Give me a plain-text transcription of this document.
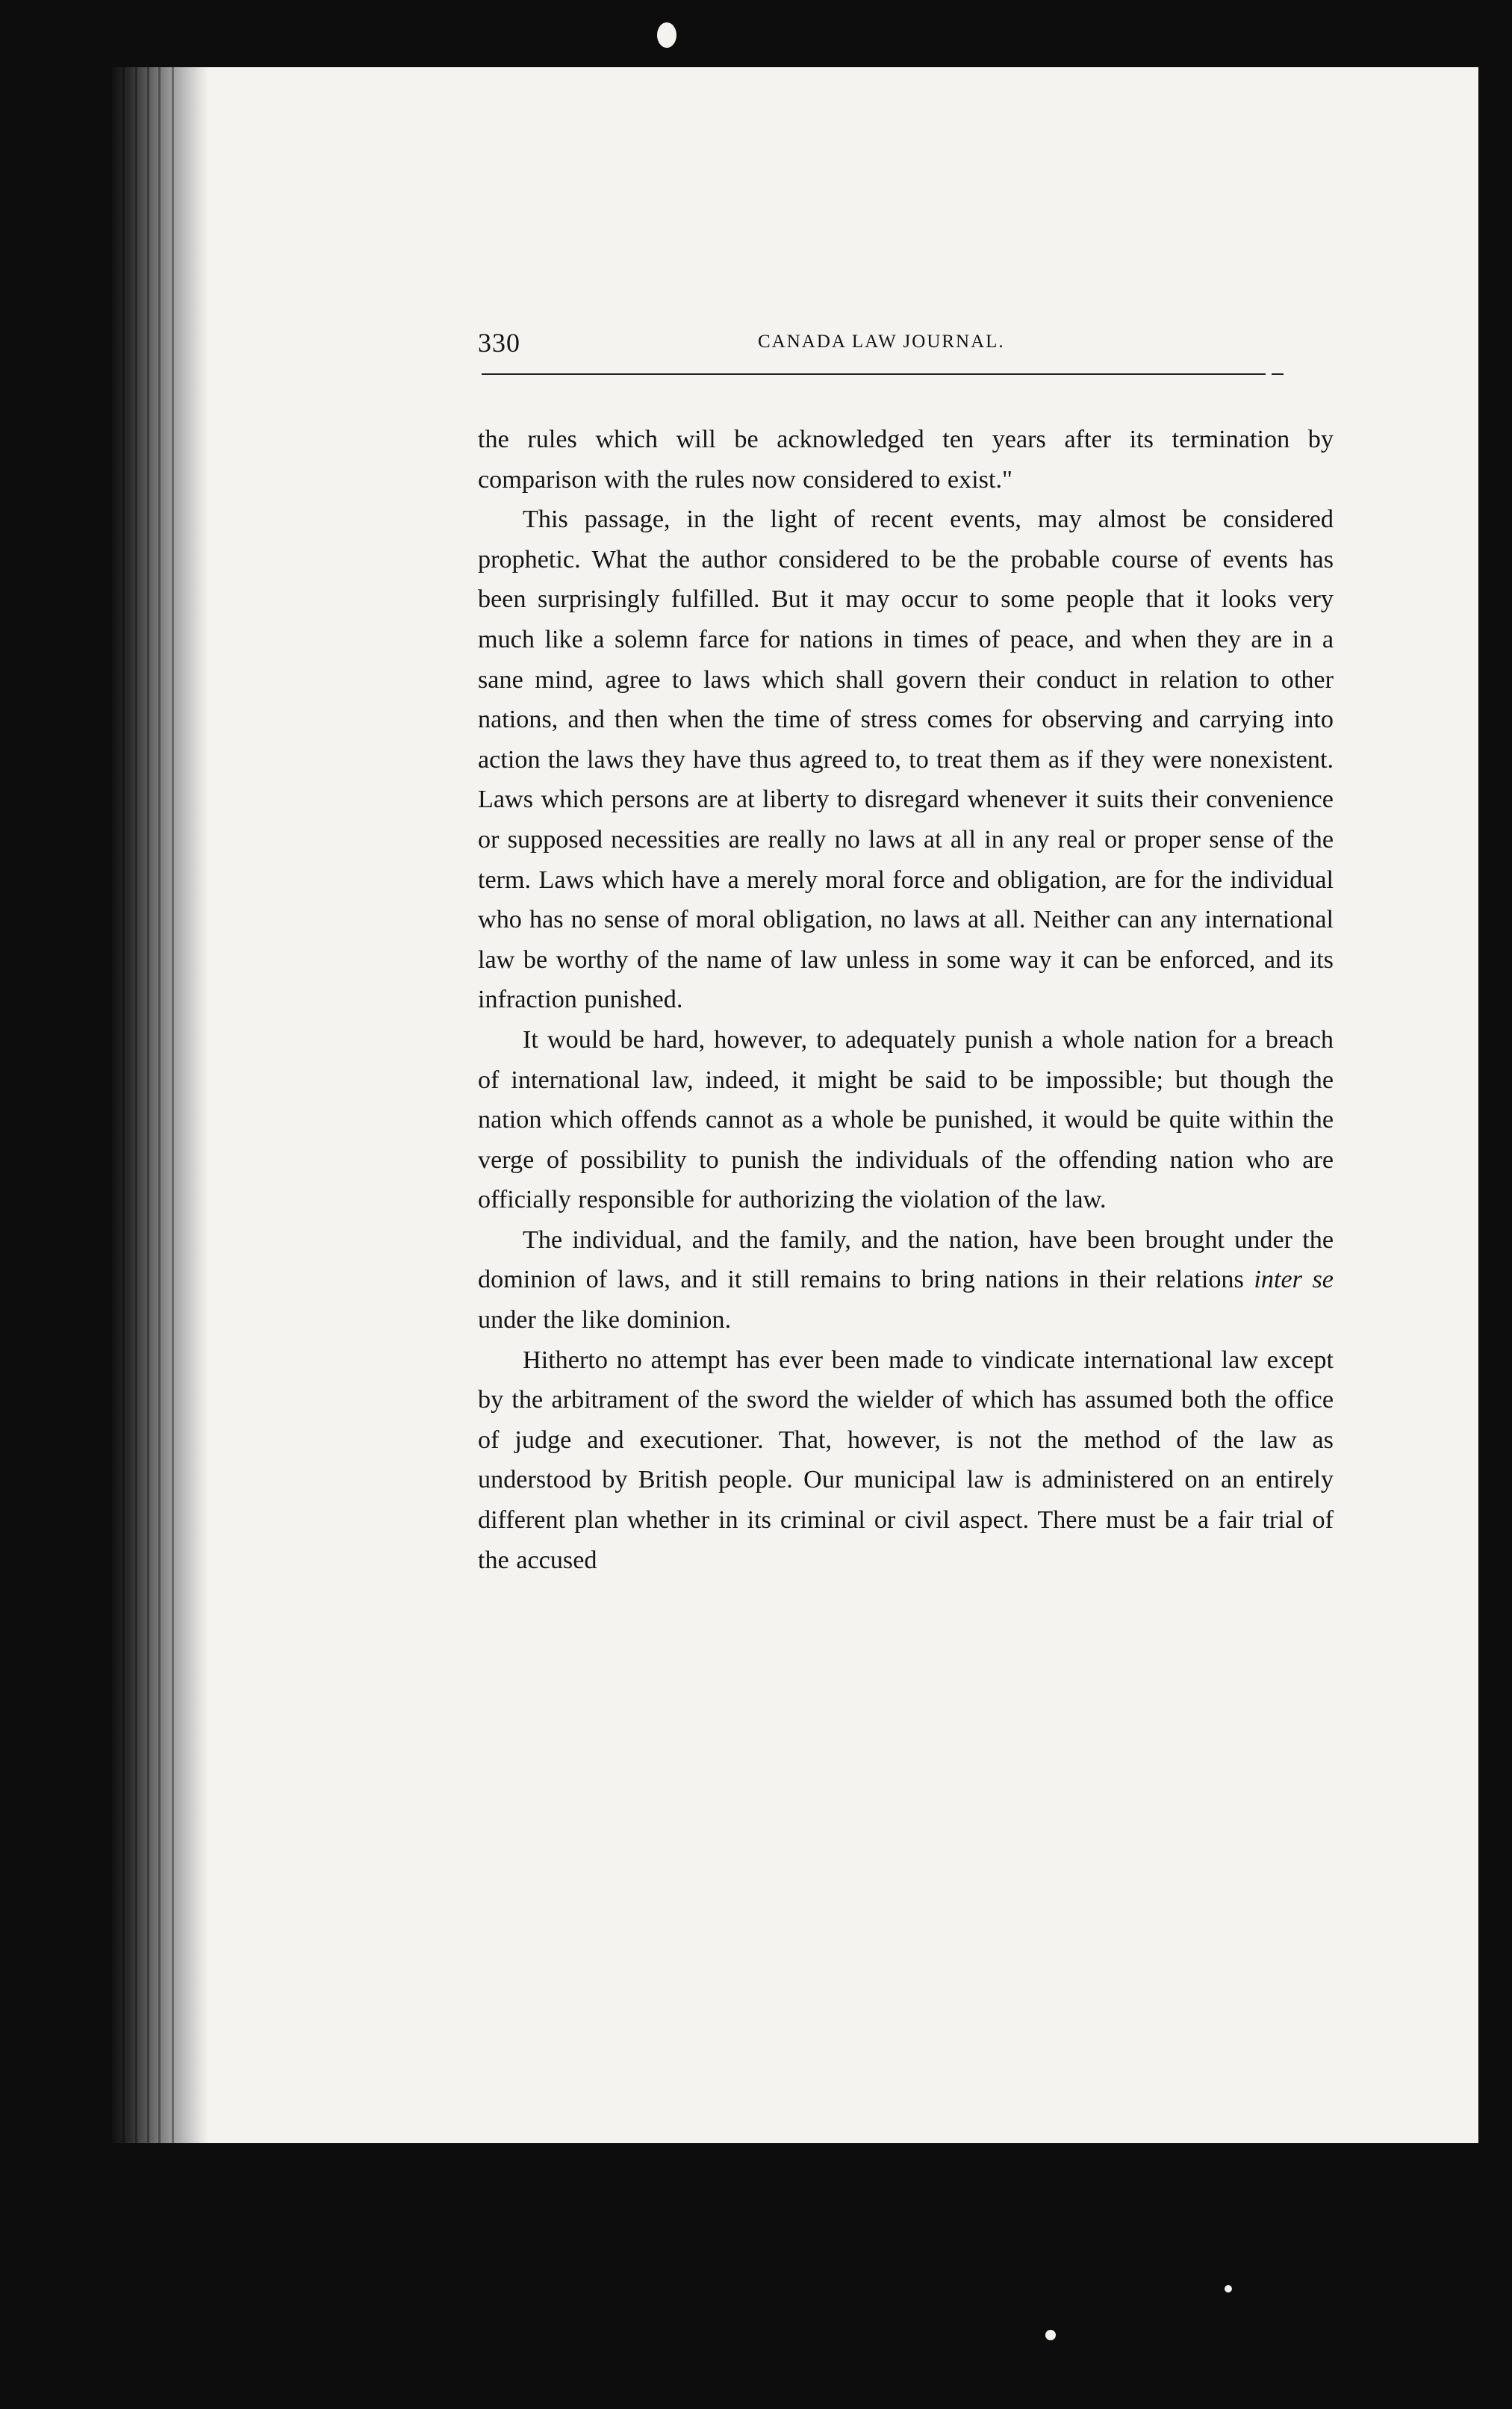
330	CANADA LAW JOURNAL.

the rules which will be acknowledged ten years after its termination by comparison with the rules now considered to exist."

This passage, in the light of recent events, may almost be considered prophetic. What the author considered to be the probable course of events has been surprisingly fulfilled. But it may occur to some people that it looks very much like a solemn farce for nations in times of peace, and when they are in a sane mind, agree to laws which shall govern their conduct in relation to other nations, and then when the time of stress comes for observing and carrying into action the laws they have thus agreed to, to treat them as if they were nonexistent. Laws which persons are at liberty to disregard whenever it suits their convenience or supposed necessities are really no laws at all in any real or proper sense of the term. Laws which have a merely moral force and obligation, are for the individual who has no sense of moral obligation, no laws at all. Neither can any international law be worthy of the name of law unless in some way it can be enforced, and its infraction punished.

It would be hard, however, to adequately punish a whole nation for a breach of international law, indeed, it might be said to be impossible; but though the nation which offends cannot as a whole be punished, it would be quite within the verge of possibility to punish the individuals of the offending nation who are officially responsible for authorizing the violation of the law.

The individual, and the family, and the nation, have been brought under the dominion of laws, and it still remains to bring nations in their relations inter se under the like dominion.

Hitherto no attempt has ever been made to vindicate international law except by the arbitrament of the sword the wielder of which has assumed both the office of judge and executioner. That, however, is not the method of the law as understood by British people. Our municipal law is administered on an entirely different plan whether in its criminal or civil aspect. There must be a fair trial of the accused
